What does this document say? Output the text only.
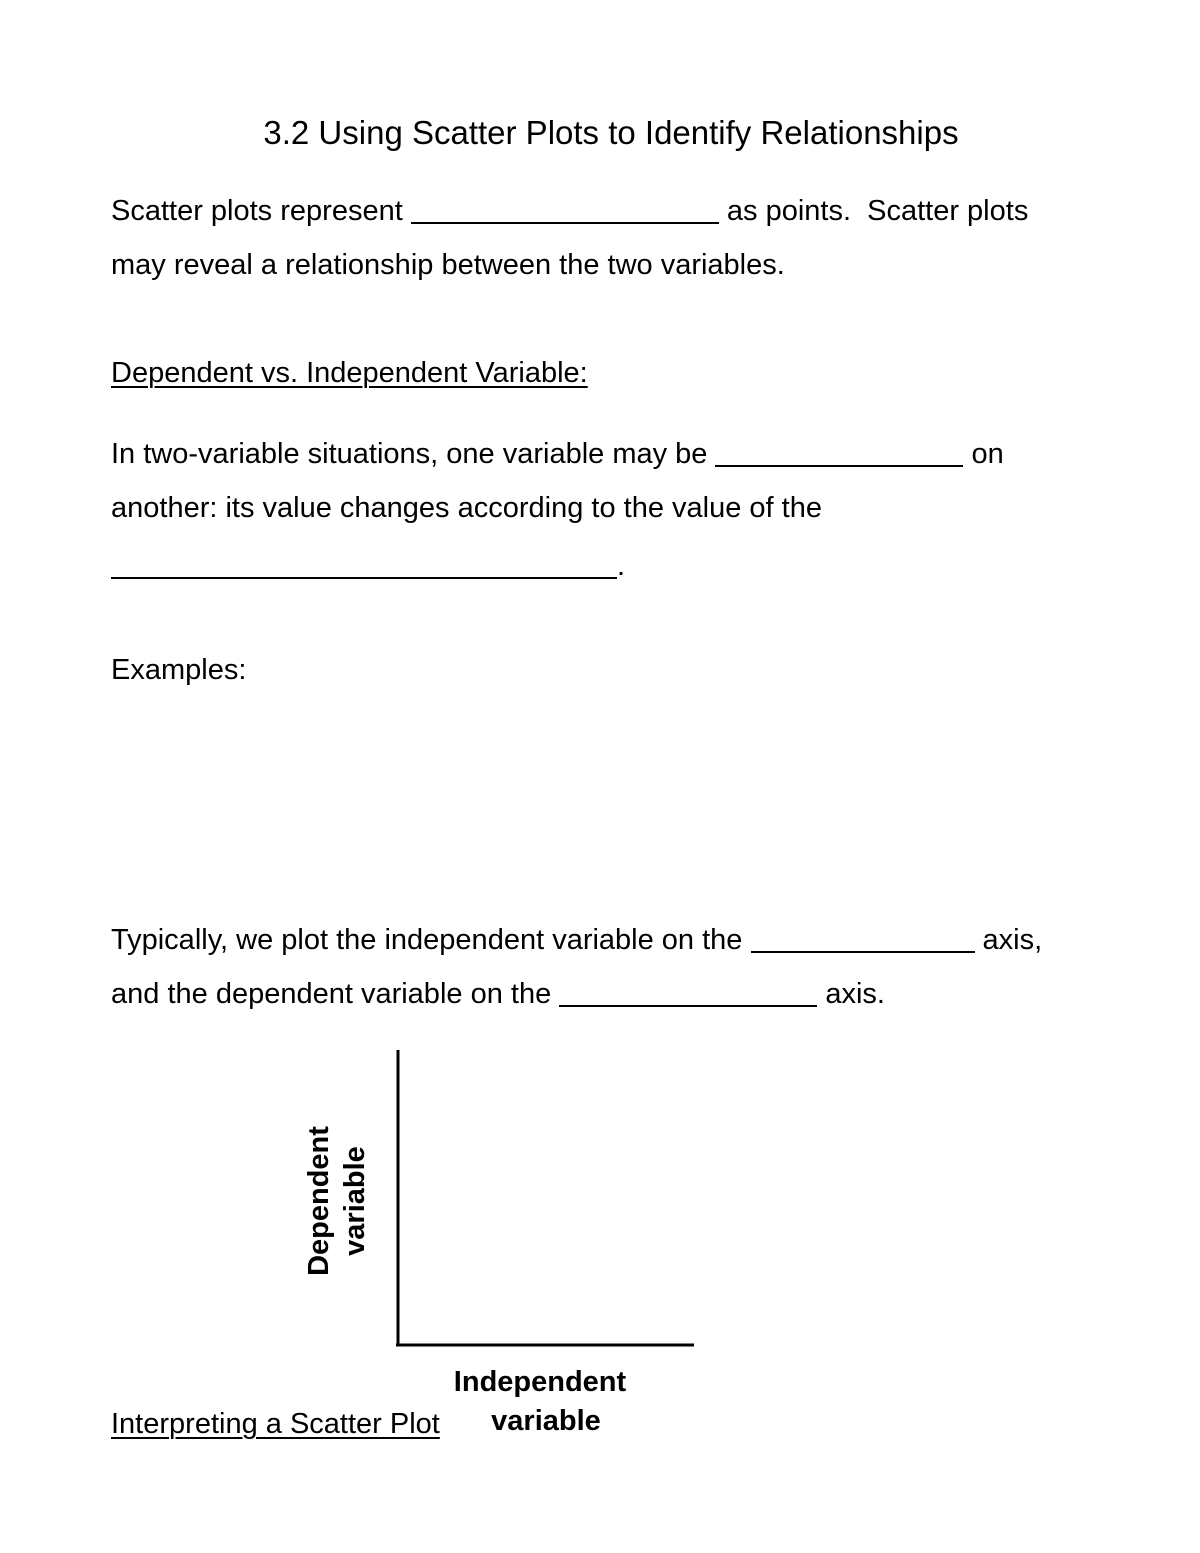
3.2 Using Scatter Plots to Identify Relationships
Scatter plots represent	as points.  Scatter plots
may reveal a relationship between the two variables.
Dependent vs. Independent Variable:
In two-variable situations, one variable may be	on
another: its value changes according to the value of the
.
Examples:
Typically, we plot the independent variable on the	axis,
and the dependent variable on the	axis.
Dependent variable
Independent
variable
Interpreting a Scatter Plot
